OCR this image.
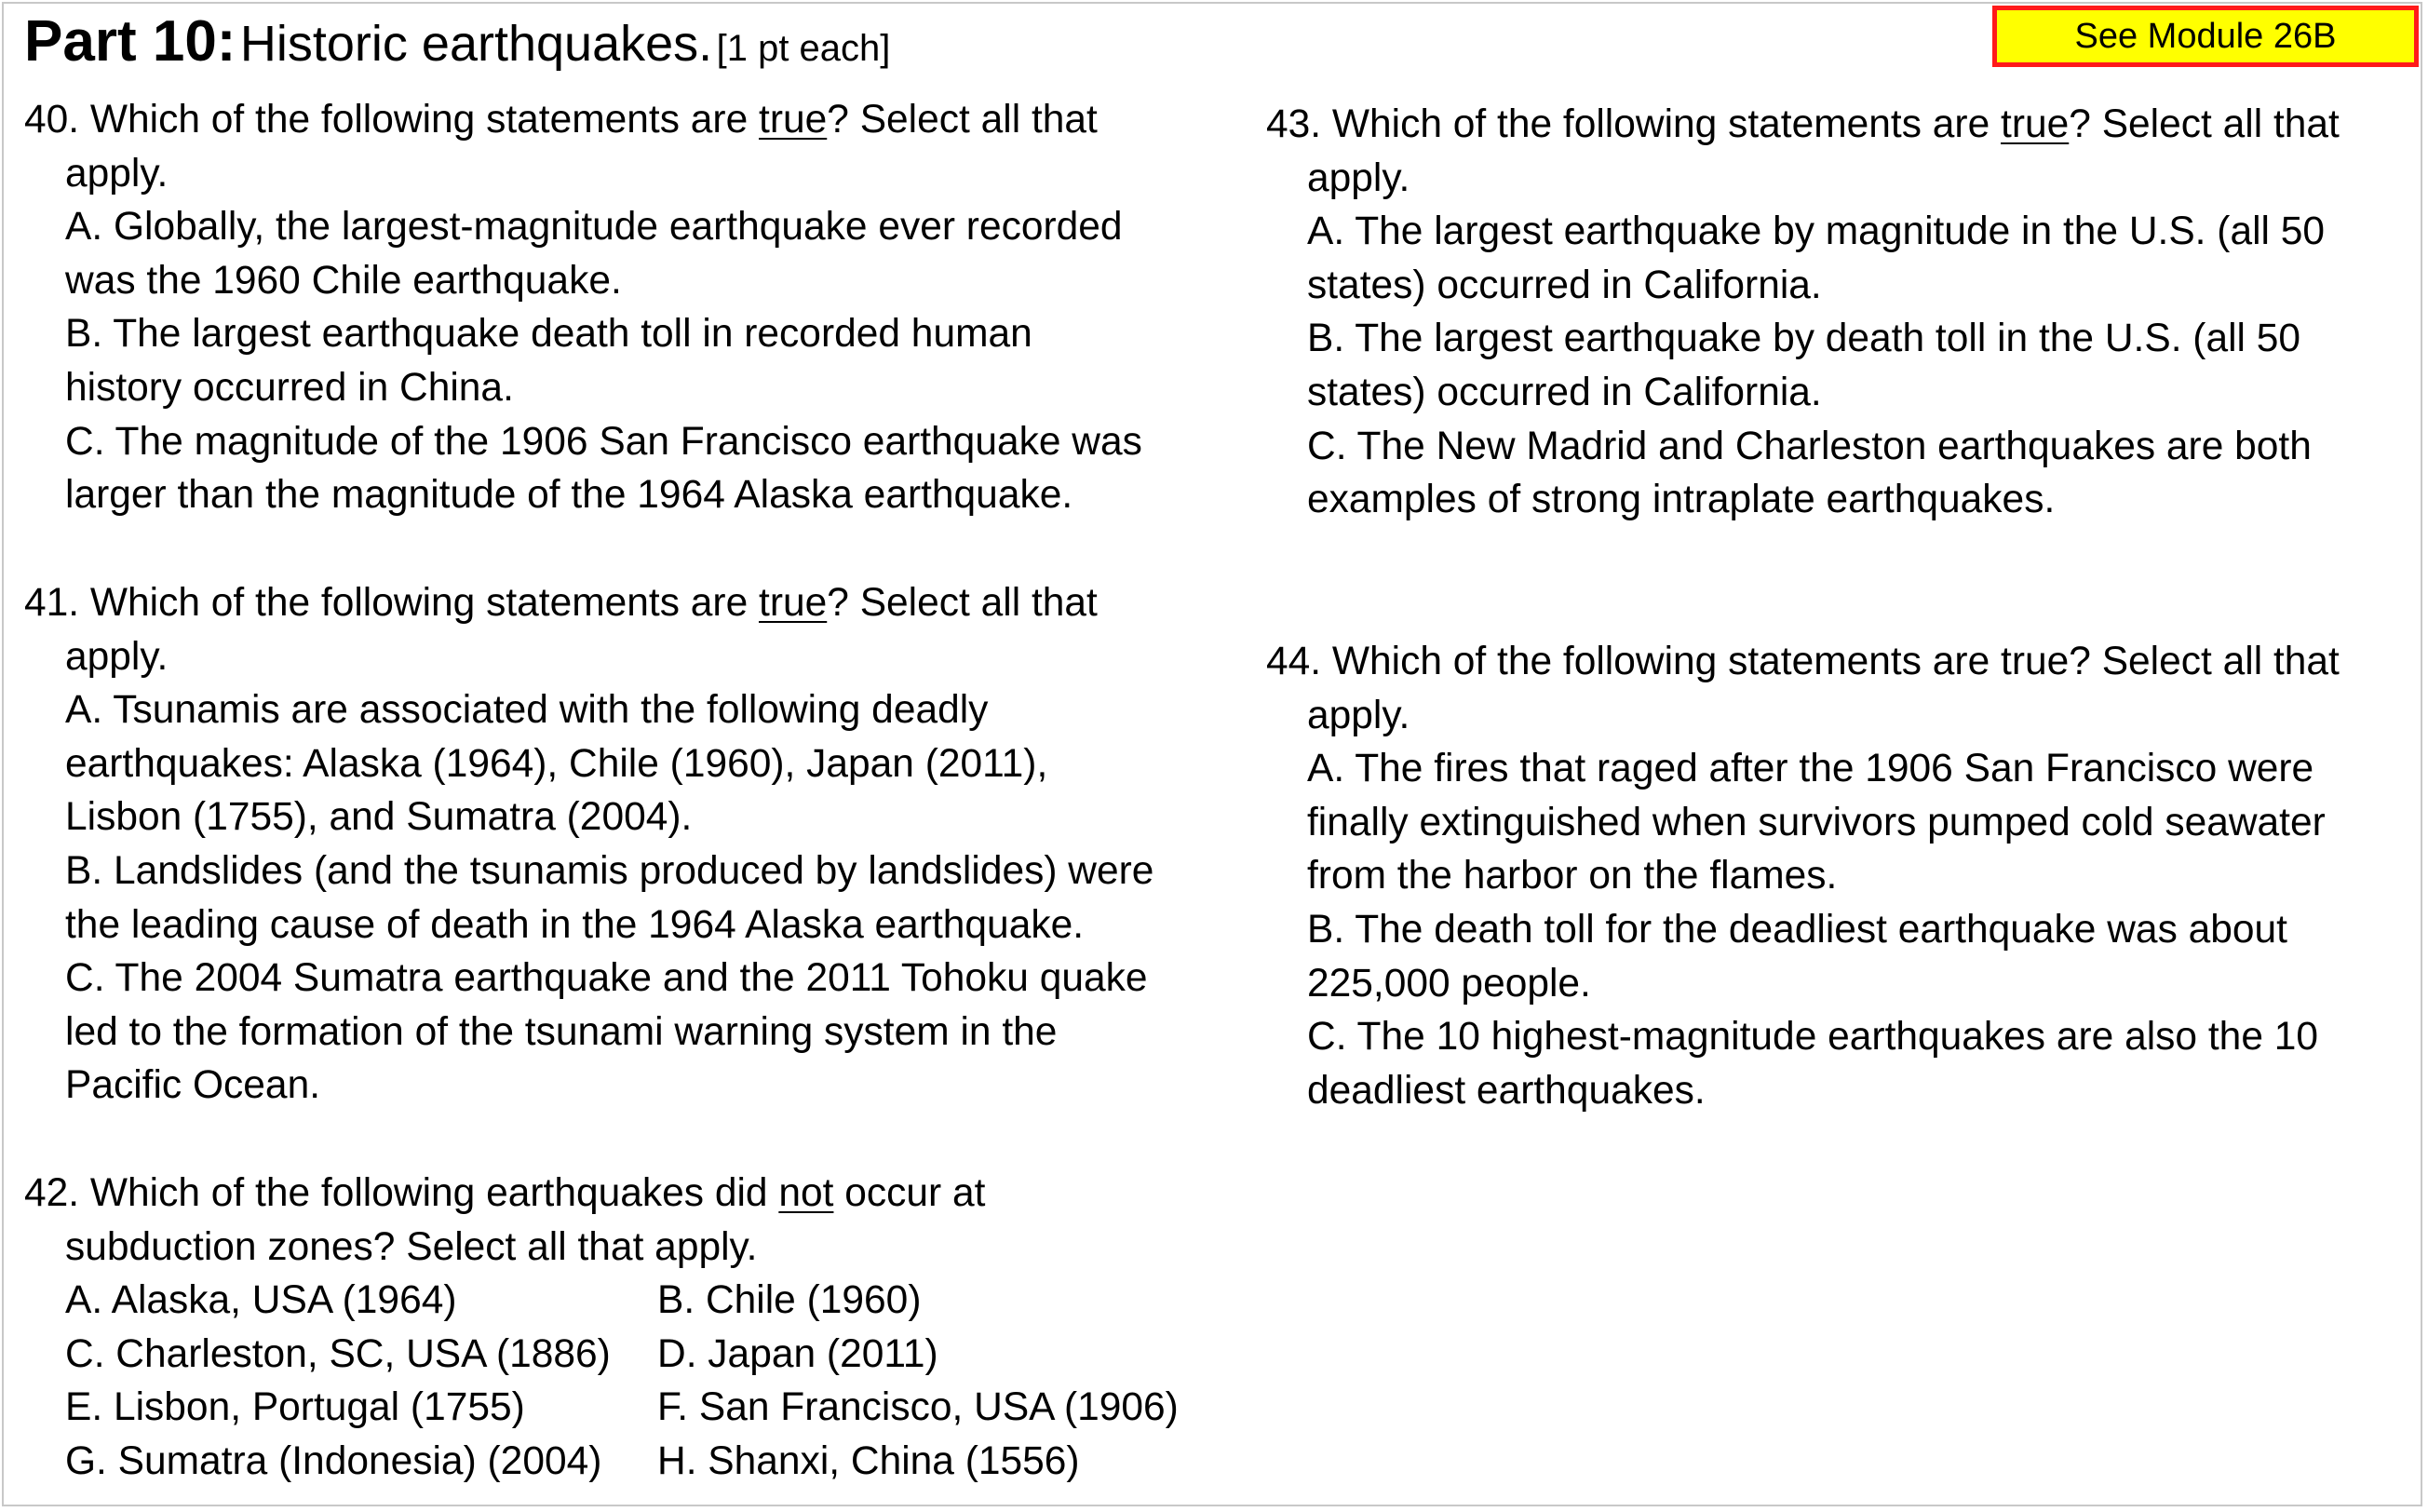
Part 10: Historic earthquakes. [1 pt each]	See Module 26B
40. Which of the following statements are true? Select all that
apply.
A. Globally, the largest-magnitude earthquake ever recorded
was the 1960 Chile earthquake.
B. The largest earthquake death toll in recorded human
history occurred in China.
C. The magnitude of the 1906 San Francisco earthquake was
larger than the magnitude of the 1964 Alaska earthquake.
41. Which of the following statements are true? Select all that
apply.
A. Tsunamis are associated with the following deadly
earthquakes: Alaska (1964), Chile (1960), Japan (2011),
Lisbon (1755), and Sumatra (2004).
B. Landslides (and the tsunamis produced by landslides) were
the leading cause of death in the 1964 Alaska earthquake.
C. The 2004 Sumatra earthquake and the 2011 Tohoku quake
led to the formation of the tsunami warning system in the
Pacific Ocean.
42. Which of the following earthquakes did not occur at
subduction zones? Select all that apply.
A. Alaska, USA (1964)	B. Chile (1960)
C. Charleston, SC, USA (1886)	D. Japan (2011)
E. Lisbon, Portugal (1755)	F. San Francisco, USA (1906)
G. Sumatra (Indonesia) (2004)	H. Shanxi, China (1556)
43. Which of the following statements are true? Select all that
apply.
A. The largest earthquake by magnitude in the U.S. (all 50
states) occurred in California.
B. The largest earthquake by death toll in the U.S. (all 50
states) occurred in California.
C. The New Madrid and Charleston earthquakes are both
examples of strong intraplate earthquakes.
44. Which of the following statements are true? Select all that
apply.
A. The fires that raged after the 1906 San Francisco were
finally extinguished when survivors pumped cold seawater
from the harbor on the flames.
B. The death toll for the deadliest earthquake was about
225,000 people.
C. The 10 highest-magnitude earthquakes are also the 10
deadliest earthquakes.
